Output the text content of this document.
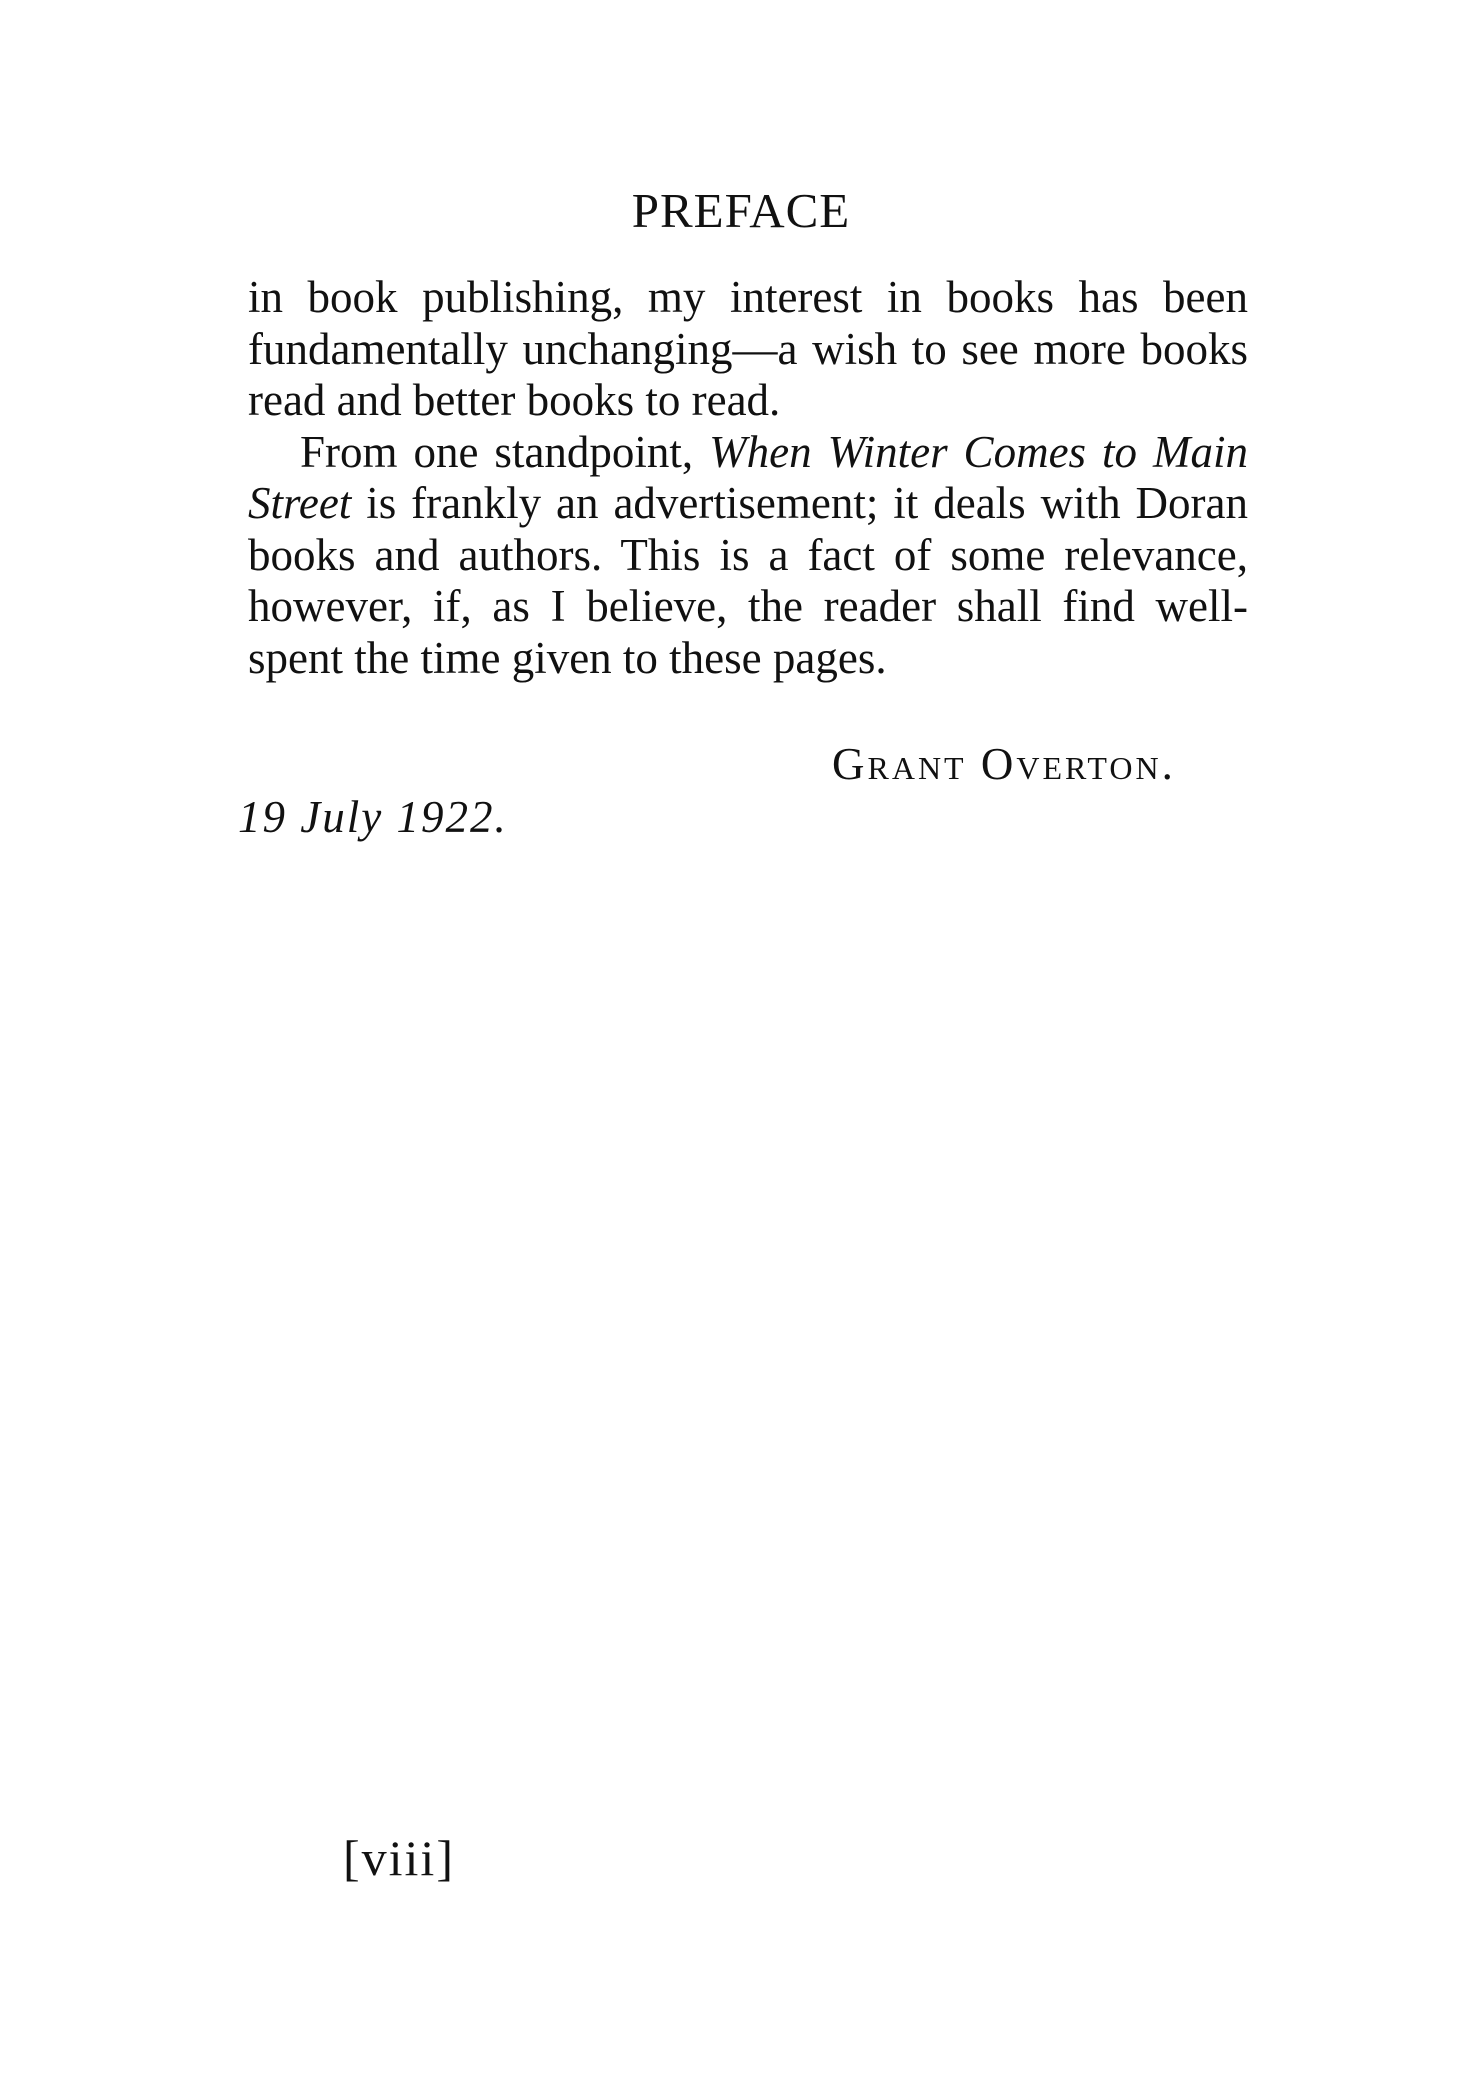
PREFACE

in book publishing, my interest in books has been fundamentally unchanging—a wish to see more books read and better books to read.

From one standpoint, When Winter Comes to Main Street is frankly an advertisement; it deals with Doran books and authors. This is a fact of some relevance, however, if, as I believe, the reader shall find well-spent the time given to these pages.

Grant Overton.
19 July 1922.
[viii]
